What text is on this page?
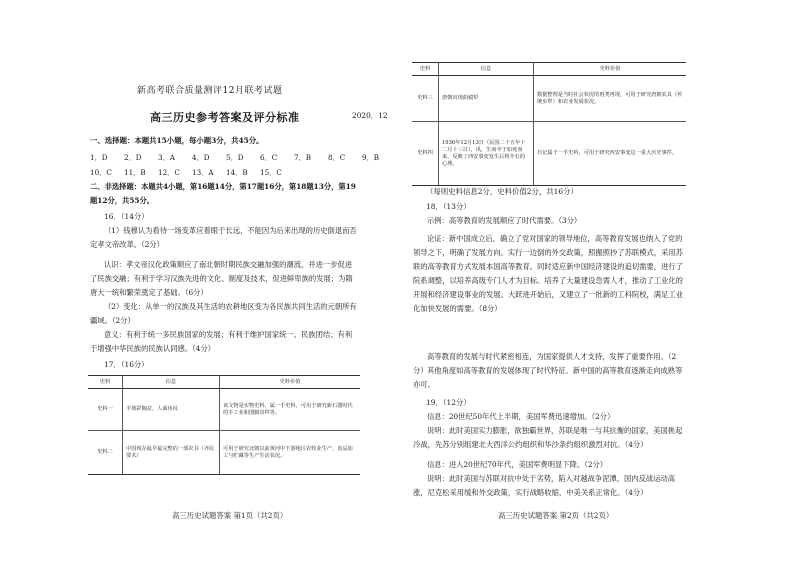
新高考联合质量测评12月联考试题
高三历史参考答案及评分标准	2020．12
一、选择题：本题共15小题，每小题3分，共45分。
1．D	2．D	3．A	4．D	5．D	6．C	7．B	8．C	9．B
10．C	11．B	12．C	13．A	14．B	15．C
二、非选择题：本题共4小题，第16题14分，第17题16分，第18题13分，第19题12分，共55分。
16．（14分）
（1）钱穆认为看待一场变革应着眼于长远，不能因为后来出现的历史倒退而否定孝文帝改革。（2分）
认识：孝文帝汉化政策顺应了南北朝时期民族交融加强的潮流，并进一步促进了民族交融；有利于学习汉族先进的文化、制度及技术，促进鲜卑族的发展；为隋唐大一统和繁荣奠定了基础。（6分）
（2）变化：从单一的汉族及其生活的农耕地区变为各民族共同生活的元朝所有疆域。（2分）
意义：有利于统一多民族国家的发展；有利于维护国家统一、民族团结；有利于增强中华民族的民族认同感。（4分）
17．（16分）
史料	信息	史料价值
史料一	半坡彩陶盆，人面鱼纹	该文物是实物史料，属一手史料，可用于研究新石器时代的手工业和图腾崇拜等。
史料二	中国现存最早最完整的一部农书（齐民要术）	可用于研究北朝以前黄河中下游地区农牧业生产、食品加工与贮藏等生产生活状况。
高三历史试题答案 第1页（共2页）
史料	信息	史料价值
史料三	唐朝出现曲辕犁	数据整理是当时社会状况的再类再现，可用于研究唐朝农具（传统步犁）和农业发展状况。
史料四	1936年12月13日（民国二十五年十二月十三日），讯，生而卒于如死而来。反映了西安事变发生后将介石的心理。	日记属于一手史料，可用于研究西安事变这一重大历史事件。
（每则史料信息2分，史料价值2分，共16分）
18．（13分）
示例：高等教育的发展顺应了时代需要。（3分）
论证：新中国成立后，确立了党对国家的领导地位，高等教育发展也纳入了党的领导之下，明确了发展方向。实行一边倒的外交政策，照搬照抄了苏联模式，采用苏联的高等教育方式发展本国高等教育。同时适应新中国经济建设的追切需要，进行了院系调整，以培养高级专门人才为目标。培养了大量建设急需人才，推动了工业化的开展和经济建设事业的发展。大跃进开始后，又建立了一批新的工科院校，满足工业化加快发展的需要。（8分）
高等教育的发展与时代紧密相连，为国家提供人才支持，发挥了重要作用。（2分） 其他角度如高等教育的发展体现了时代特征、新中国的高等教育逐渐走向成熟等亦可。
19．（12分）
信息：20世纪50年代上半期，美国军费迅速增加。（2分）
说明：此时美国实力膨胀，欲独霸世界，苏联是唯一与其抗衡的国家，美国挑起冷战，先苏分别组建北大西洋公约组织和华沙条约组织激烈对抗。（4分）
信息：进入20世纪70年代，美国军费明显下降。（2分）
说明：此时美国与苏联对抗中处于劣势，陷入对越战争泥潭，国内反战运动高涨，尼克松采用缓和外交政策，实行战略收缩，中美关系正常化。（4分）
高三历史试题答案 第2页（共2页）
